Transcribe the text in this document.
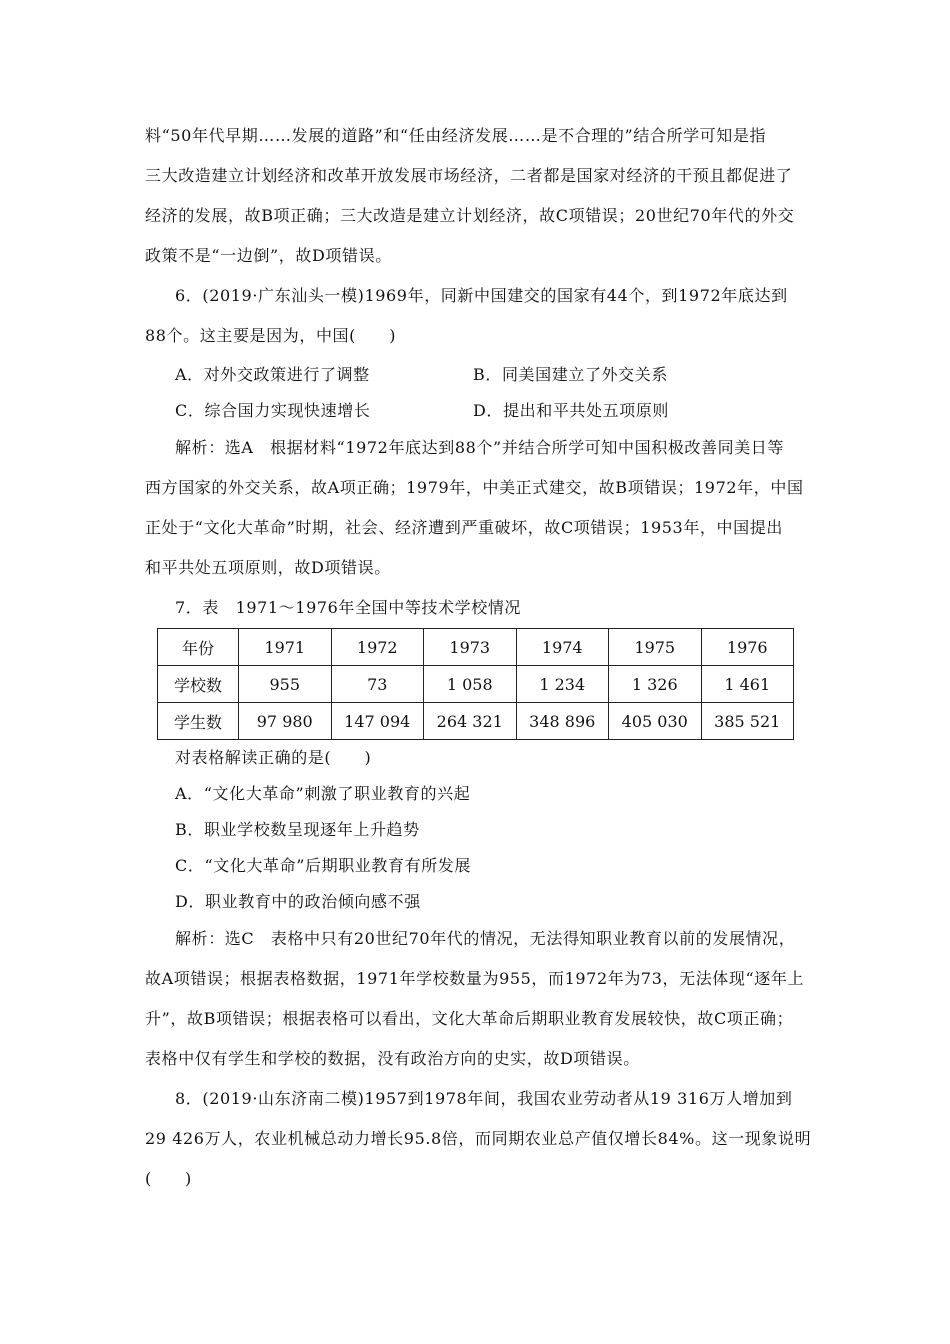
料“50年代早期……发展的道路”和“任由经济发展……是不合理的”结合所学可知是指
三大改造建立计划经济和改革开放发展市场经济，二者都是国家对经济的干预且都促进了
经济的发展，故B项正确；三大改造是建立计划经济，故C项错误；20世纪70年代的外交
政策不是“一边倒”，故D项错误。
6．(2019·广东汕头一模)1969年，同新中国建交的国家有44个，到1972年底达到
88个。这主要是因为，中国(　　)
A．对外交政策进行了调整	B．同美国建立了外交关系
C．综合国力实现快速增长	D．提出和平共处五项原则
解析：选A　根据材料“1972年底达到88个”并结合所学可知中国积极改善同美日等
西方国家的外交关系，故A项正确；1979年，中美正式建交，故B项错误；1972年，中国
正处于“文化大革命”时期，社会、经济遭到严重破坏，故C项错误；1953年，中国提出
和平共处五项原则，故D项错误。
7．表　1971～1976年全国中等技术学校情况
年份	1971	1972	1973	1974	1975	1976
学校数	955	73	1 058	1 234	1 326	1 461
学生数	97 980	147 094	264 321	348 896	405 030	385 521
对表格解读正确的是(　　)
A．“文化大革命”刺激了职业教育的兴起
B．职业学校数呈现逐年上升趋势
C．“文化大革命”后期职业教育有所发展
D．职业教育中的政治倾向感不强
解析：选C　表格中只有20世纪70年代的情况，无法得知职业教育以前的发展情况，
故A项错误；根据表格数据，1971年学校数量为955，而1972年为73，无法体现“逐年上
升”，故B项错误；根据表格可以看出，文化大革命后期职业教育发展较快，故C项正确；
表格中仅有学生和学校的数据，没有政治方向的史实，故D项错误。
8．(2019·山东济南二模)1957到1978年间，我国农业劳动者从19 316万人增加到
29 426万人，农业机械总动力增长95.8倍，而同期农业总产值仅增长84%。这一现象说明
(　　)
